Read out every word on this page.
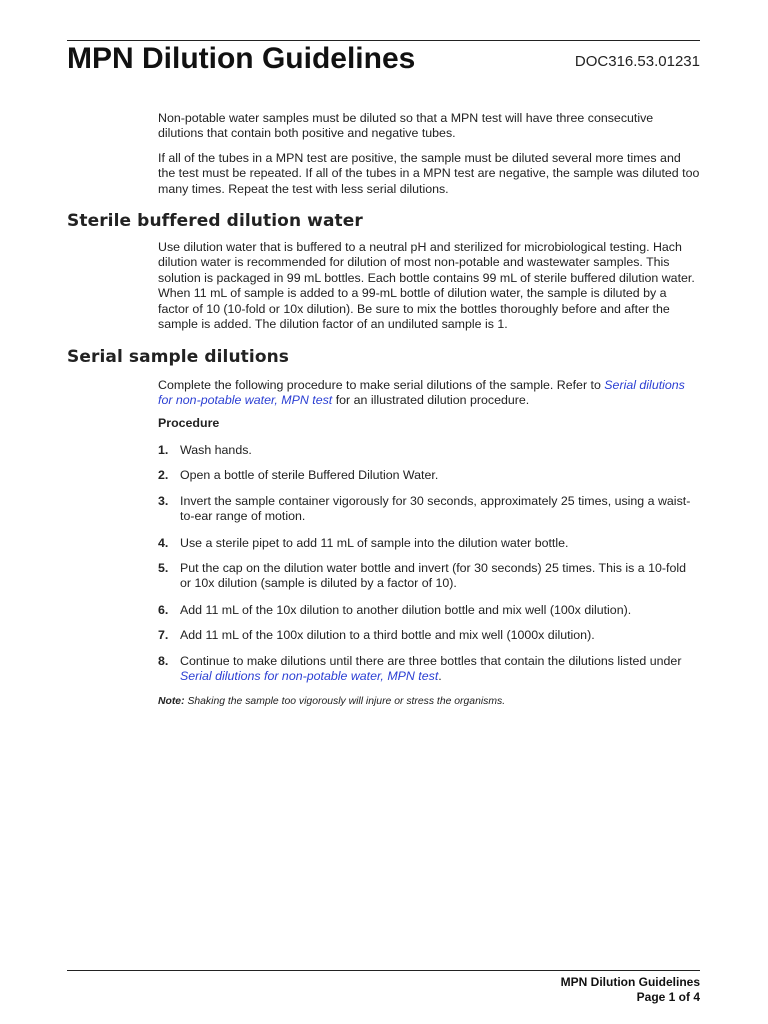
MPN Dilution Guidelines	DOC316.53.01231

Non-potable water samples must be diluted so that a MPN test will have three consecutive dilutions that contain both positive and negative tubes.

If all of the tubes in a MPN test are positive, the sample must be diluted several more times and the test must be repeated. If all of the tubes in a MPN test are negative, the sample was diluted too many times. Repeat the test with less serial dilutions.

Sterile buffered dilution water

Use dilution water that is buffered to a neutral pH and sterilized for microbiological testing. Hach dilution water is recommended for dilution of most non-potable and wastewater samples. This solution is packaged in 99 mL bottles. Each bottle contains 99 mL of sterile buffered dilution water. When 11 mL of sample is added to a 99-mL bottle of dilution water, the sample is diluted by a factor of 10 (10-fold or 10x dilution). Be sure to mix the bottles thoroughly before and after the sample is added. The dilution factor of an undiluted sample is 1.

Serial sample dilutions

Complete the following procedure to make serial dilutions of the sample. Refer to Serial dilutions for non-potable water, MPN test for an illustrated dilution procedure.

Procedure
1. Wash hands.
2. Open a bottle of sterile Buffered Dilution Water.
3. Invert the sample container vigorously for 30 seconds, approximately 25 times, using a waist-to-ear range of motion.
4. Use a sterile pipet to add 11 mL of sample into the dilution water bottle.
5. Put the cap on the dilution water bottle and invert (for 30 seconds) 25 times. This is a 10-fold or 10x dilution (sample is diluted by a factor of 10).
6. Add 11 mL of the 10x dilution to another dilution bottle and mix well (100x dilution).
7. Add 11 mL of the 100x dilution to a third bottle and mix well (1000x dilution).
8. Continue to make dilutions until there are three bottles that contain the dilutions listed under Serial dilutions for non-potable water, MPN test.
Note: Shaking the sample too vigorously will injure or stress the organisms.
MPN Dilution Guidelines
Page 1 of 4
